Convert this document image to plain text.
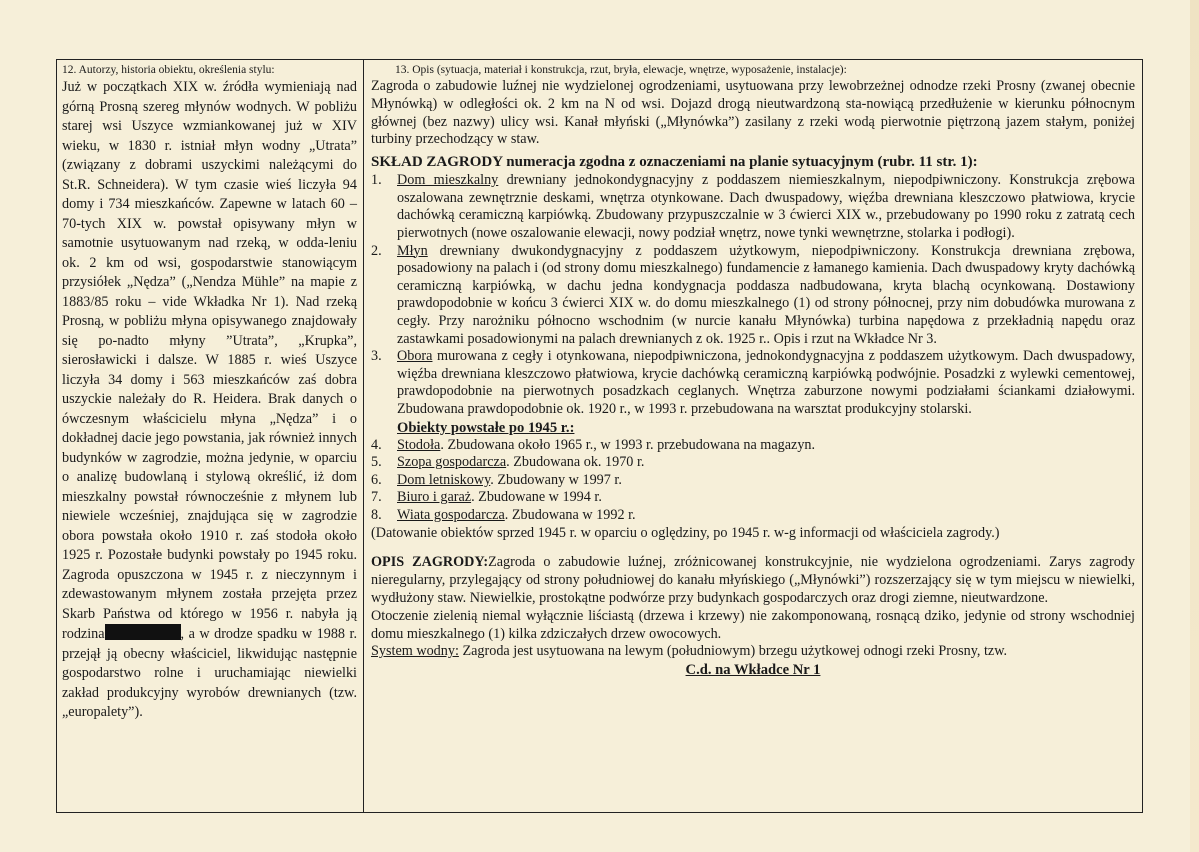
12. Autorzy, historia obiektu, określenia stylu:

Już w początkach XIX w. źródła wymieniają nad górną Prosną szereg młynów wodnych. W pobliżu starej wsi Uszyce wzmiankowanej już w XIV wieku, w 1830 r. istniał młyn wodny „Utrata” (związany z dobrami uszyckimi należącymi do St.R. Schneidera). W tym czasie wieś liczyła 94 domy i 734 mieszkańców. Zapewne w latach 60 – 70-tych XIX w. powstał opisywany młyn w samotnie usytuowanym nad rzeką, w odda-leniu ok. 2 km od wsi, gospodarstwie stanowiącym przysiółek „Nędza” („Nendza Mühle” na mapie z 1883/85 roku – vide Wkładka Nr 1). Nad rzeką Prosną, w pobliżu młyna opisywanego znajdowały się po-nadto młyny ”Utrata”, „Krupka”, sierosławicki i dalsze. W 1885 r. wieś Uszyce liczyła 34 domy i 563 mieszkańców zaś dobra uszyckie należały do R. Heidera. Brak danych o ówczesnym właścicielu młyna „Nędza” i o dokładnej dacie jego powstania, jak również innych budynków w zagrodzie, można jedynie, w oparciu o analizę budowlaną i stylową określić, iż dom mieszkalny powstał równocześnie z młynem lub niewiele wcześniej, znajdująca się w zagrodzie obora powstała około 1910 r. zaś stodoła około 1925 r. Pozostałe budynki powstały po 1945 roku. Zagroda opuszczona w 1945 r. z nieczynnym i zdewastowanym młynem została przejęta przez Skarb Państwa od którego w 1956 r. nabyła ją rodzina	, a w drodze spadku w 1988 r. przejął ją obecny właściciel, likwidując następnie gospodarstwo rolne i uruchamiając niewielki zakład produkcyjny wyrobów drewnianych (tzw. „europalety”).

13. Opis (sytuacja, materiał i konstrukcja, rzut, bryła, elewacje, wnętrze, wyposażenie, instalacje):

Zagroda o zabudowie luźnej nie wydzielonej ogrodzeniami, usytuowana przy lewobrzeżnej odnodze rzeki Prosny (zwanej obecnie Młynówką) w odległości ok. 2 km na N od wsi. Dojazd drogą nieutwardzoną sta-nowiącą przedłużenie w kierunku północnym głównej (bez nazwy) ulicy wsi. Kanał młyński („Młynówka”) zasilany z rzeki wodą pierwotnie piętrzoną jazem stałym, poniżej turbiny przechodzący w staw.

SKŁAD ZAGRODY numeracja zgodna z oznaczeniami na planie sytuacyjnym (rubr. 11 str. 1):

1.	Dom mieszkalny drewniany jednokondygnacyjny z poddaszem niemieszkalnym, niepodpiwniczony. Konstrukcja zrębowa oszalowana zewnętrznie deskami, wnętrza otynkowane. Dach dwuspadowy, więźba drewniana kleszczowo płatwiowa, krycie dachówką ceramiczną karpiówką. Zbudowany przypuszczalnie w 3 ćwierci XIX w., przebudowany po 1990 roku z zatratą cech pierwotnych (nowe oszalowanie elewacji, nowy podział wnętrz, nowe tynki wewnętrzne, stolarka i podłogi).
2.	Młyn drewniany dwukondygnacyjny z poddaszem użytkowym, niepodpiwniczony. Konstrukcja drewniana zrębowa, posadowiony na palach i (od strony domu mieszkalnego) fundamencie z łamanego kamienia. Dach dwuspadowy kryty dachówką ceramiczną karpiówką, w dachu jedna kondygnacja poddasza nadbudowana, kryta blachą ocynkowaną. Dostawiony prawdopodobnie w końcu 3 ćwierci XIX w. do domu mieszkalnego (1) od strony północnej, przy nim dobudówka murowana z cegły. Przy narożniku północno wschodnim (w nurcie kanału Młynówka) turbina napędowa z przekładnią napędu oraz zastawkami posadowionymi na palach drewnianych z ok. 1925 r.. Opis i rzut na Wkładce Nr 3.
3.	Obora murowana z cegły i otynkowana, niepodpiwniczona, jednokondygnacyjna z poddaszem użytkowym. Dach dwuspadowy, więźba drewniana kleszczowo płatwiowa, krycie dachówką ceramiczną karpiówką podwójnie. Posadzki z wylewki cementowej, prawdopodobnie na pierwotnych posadzkach ceglanych. Wnętrza zaburzone nowymi podziałami ściankami działowymi. Zbudowana prawdopodobnie ok. 1920 r., w 1993 r. przebudowana na warsztat produkcyjny stolarski.

Obiekty powstałe po 1945 r.:

4.	Stodoła. Zbudowana około 1965 r., w 1993 r. przebudowana na magazyn.
5.	Szopa gospodarcza. Zbudowana ok. 1970 r.
6.	Dom letniskowy. Zbudowany w 1997 r.
7.	Biuro i garaż. Zbudowane w 1994 r.
8.	Wiata gospodarcza. Zbudowana w 1992 r.

(Datowanie obiektów sprzed 1945 r. w oparciu o oględziny, po 1945 r. w-g informacji od właściciela zagrody.)

OPIS ZAGRODY:Zagroda o zabudowie luźnej, zróżnicowanej konstrukcyjnie, nie wydzielona ogrodzeniami. Zarys zagrody nieregularny, przylegający od strony południowej do kanału młyńskiego („Młynówki”) rozszerzający się w tym miejscu w niewielki, wydłużony staw. Niewielkie, prostokątne podwórze przy budynkach gospodarczych oraz drogi ziemne, nieutwardzone.

Otoczenie zielenią niemal wyłącznie liściastą (drzewa i krzewy) nie zakomponowaną, rosnącą dziko, jedynie od strony wschodniej domu mieszkalnego (1) kilka zdziczałych drzew owocowych.

System wodny: Zagroda jest usytuowana na lewym (południowym) brzegu użytkowej odnogi rzeki Prosny, tzw.

C.d. na Wkładce Nr 1
